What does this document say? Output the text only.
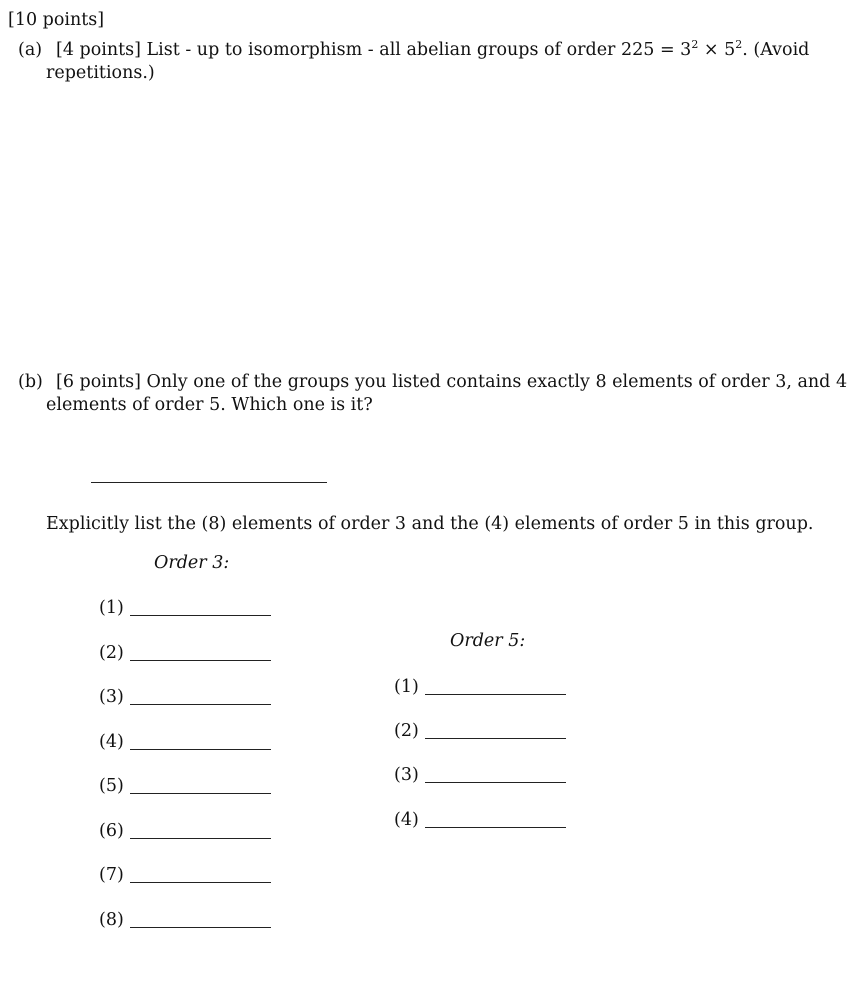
[10 points]
(a) [4 points] List - up to isomorphism - all abelian groups of order $225 = 3^2 \times 5^2$. (Avoid
repetitions.)
(b) [6 points] Only one of the groups you listed contains exactly 8 elements of order 3, and 4
elements of order 5. Which one is it?
Explicitly list the (8) elements of order 3 and the (4) elements of order 5 in this group.
Order 3:
Order 5:
(1)
(2)
(3)
(4)
(5)
(6)
(7)
(8)
(1)
(2)
(3)
(4)
